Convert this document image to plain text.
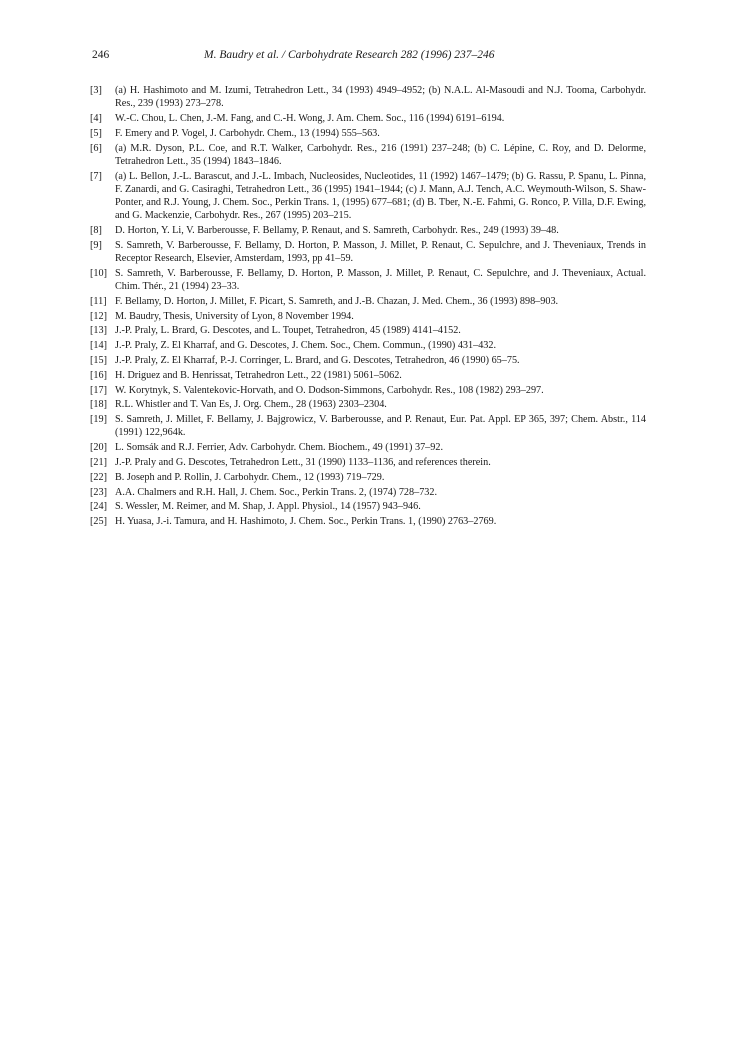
246	M. Baudry et al. / Carbohydrate Research 282 (1996) 237–246
[3] (a) H. Hashimoto and M. Izumi, Tetrahedron Lett., 34 (1993) 4949–4952; (b) N.A.L. Al-Masoudi and N.J. Tooma, Carbohydr. Res., 239 (1993) 273–278.
[4] W.-C. Chou, L. Chen, J.-M. Fang, and C.-H. Wong, J. Am. Chem. Soc., 116 (1994) 6191–6194.
[5] F. Emery and P. Vogel, J. Carbohydr. Chem., 13 (1994) 555–563.
[6] (a) M.R. Dyson, P.L. Coe, and R.T. Walker, Carbohydr. Res., 216 (1991) 237–248; (b) C. Lépine, C. Roy, and D. Delorme, Tetrahedron Lett., 35 (1994) 1843–1846.
[7] (a) L. Bellon, J.-L. Barascut, and J.-L. Imbach, Nucleosides, Nucleotides, 11 (1992) 1467–1479; (b) G. Rassu, P. Spanu, L. Pinna, F. Zanardi, and G. Casiraghi, Tetrahedron Lett., 36 (1995) 1941–1944; (c) J. Mann, A.J. Tench, A.C. Weymouth-Wilson, S. Shaw-Ponter, and R.J. Young, J. Chem. Soc., Perkin Trans. 1, (1995) 677–681; (d) B. Tber, N.-E. Fahmi, G. Ronco, P. Villa, D.F. Ewing, and G. Mackenzie, Carbohydr. Res., 267 (1995) 203–215.
[8] D. Horton, Y. Li, V. Barberousse, F. Bellamy, P. Renaut, and S. Samreth, Carbohydr. Res., 249 (1993) 39–48.
[9] S. Samreth, V. Barberousse, F. Bellamy, D. Horton, P. Masson, J. Millet, P. Renaut, C. Sepulchre, and J. Theveniaux, Trends in Receptor Research, Elsevier, Amsterdam, 1993, pp 41–59.
[10] S. Samreth, V. Barberousse, F. Bellamy, D. Horton, P. Masson, J. Millet, P. Renaut, C. Sepulchre, and J. Theveniaux, Actual. Chim. Thér., 21 (1994) 23–33.
[11] F. Bellamy, D. Horton, J. Millet, F. Picart, S. Samreth, and J.-B. Chazan, J. Med. Chem., 36 (1993) 898–903.
[12] M. Baudry, Thesis, University of Lyon, 8 November 1994.
[13] J.-P. Praly, L. Brard, G. Descotes, and L. Toupet, Tetrahedron, 45 (1989) 4141–4152.
[14] J.-P. Praly, Z. El Kharraf, and G. Descotes, J. Chem. Soc., Chem. Commun., (1990) 431–432.
[15] J.-P. Praly, Z. El Kharraf, P.-J. Corringer, L. Brard, and G. Descotes, Tetrahedron, 46 (1990) 65–75.
[16] H. Driguez and B. Henrissat, Tetrahedron Lett., 22 (1981) 5061–5062.
[17] W. Korytnyk, S. Valentekovic-Horvath, and O. Dodson-Simmons, Carbohydr. Res., 108 (1982) 293–297.
[18] R.L. Whistler and T. Van Es, J. Org. Chem., 28 (1963) 2303–2304.
[19] S. Samreth, J. Millet, F. Bellamy, J. Bajgrowicz, V. Barberousse, and P. Renaut, Eur. Pat. Appl. EP 365, 397; Chem. Abstr., 114 (1991) 122,964k.
[20] L. Somsák and R.J. Ferrier, Adv. Carbohydr. Chem. Biochem., 49 (1991) 37–92.
[21] J.-P. Praly and G. Descotes, Tetrahedron Lett., 31 (1990) 1133–1136, and references therein.
[22] B. Joseph and P. Rollin, J. Carbohydr. Chem., 12 (1993) 719–729.
[23] A.A. Chalmers and R.H. Hall, J. Chem. Soc., Perkin Trans. 2, (1974) 728–732.
[24] S. Wessler, M. Reimer, and M. Shap, J. Appl. Physiol., 14 (1957) 943–946.
[25] H. Yuasa, J.-i. Tamura, and H. Hashimoto, J. Chem. Soc., Perkin Trans. 1, (1990) 2763–2769.
